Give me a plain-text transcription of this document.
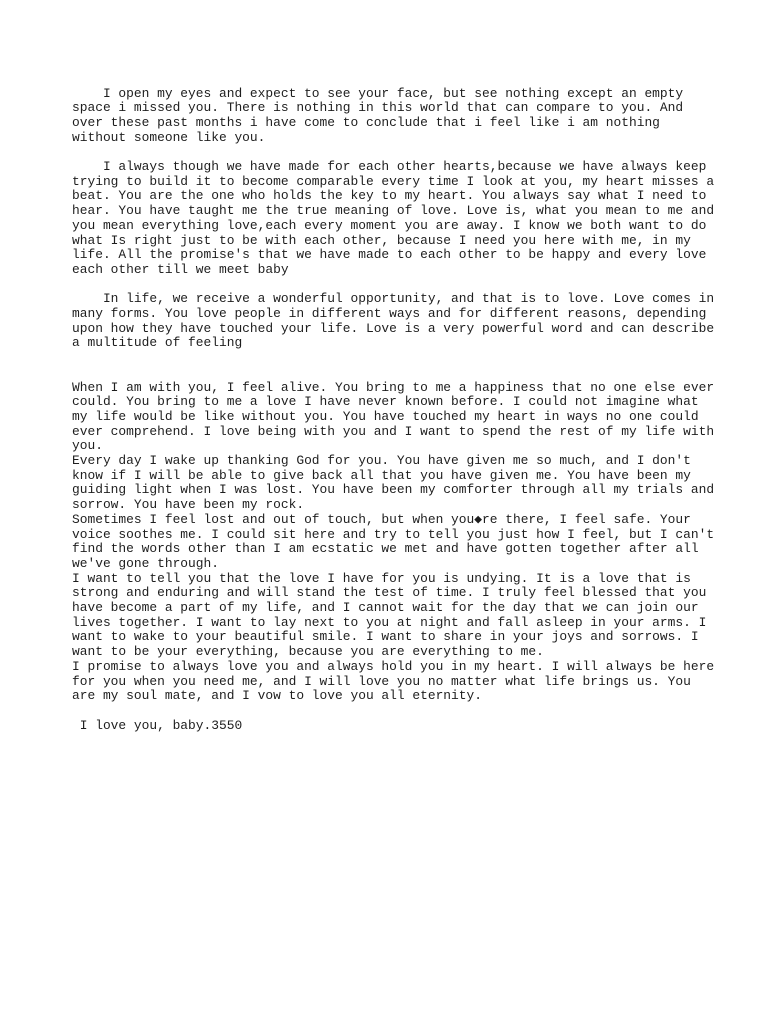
I open my eyes and expect to see your face, but see nothing except an empty

space i missed you. There is nothing in this world that can compare to you. And

over these past months i have come to conclude that i feel like i am nothing

without someone like you.

I always though we have made for each other hearts,because we have always keep

trying to build it to become comparable every time I look at you, my heart misses a

beat. You are the one who holds the key to my heart. You always say what I need to

hear. You have taught me the true meaning of love. Love is, what you mean to me and

you mean everything love,each every moment you are away. I know we both want to do

what Is right just to be with each other, because I need you here with me, in my

life. All the promise's that we have made to each other to be happy and every love

each other till we meet baby

In life, we receive a wonderful opportunity, and that is to love. Love comes in

many forms. You love people in different ways and for different reasons, depending

upon how they have touched your life. Love is a very powerful word and can describe

a multitude of feeling

When I am with you, I feel alive. You bring to me a happiness that no one else ever

could. You bring to me a love I have never known before. I could not imagine what

my life would be like without you. You have touched my heart in ways no one could

ever comprehend. I love being with you and I want to spend the rest of my life with

you.

Every day I wake up thanking God for you. You have given me so much, and I don't

know if I will be able to give back all that you have given me. You have been my

guiding light when I was lost. You have been my comforter through all my trials and

sorrow. You have been my rock.

Sometimes I feel lost and out of touch, but when you◆re there, I feel safe. Your

voice soothes me. I could sit here and try to tell you just how I feel, but I can't

find the words other than I am ecstatic we met and have gotten together after all

we've gone through.

I want to tell you that the love I have for you is undying. It is a love that is

strong and enduring and will stand the test of time. I truly feel blessed that you

have become a part of my life, and I cannot wait for the day that we can join our

lives together. I want to lay next to you at night and fall asleep in your arms. I

want to wake to your beautiful smile. I want to share in your joys and sorrows. I

want to be your everything, because you are everything to me.

I promise to always love you and always hold you in my heart. I will always be here

for you when you need me, and I will love you no matter what life brings us. You

are my soul mate, and I vow to love you all eternity.

I love you, baby.3550
